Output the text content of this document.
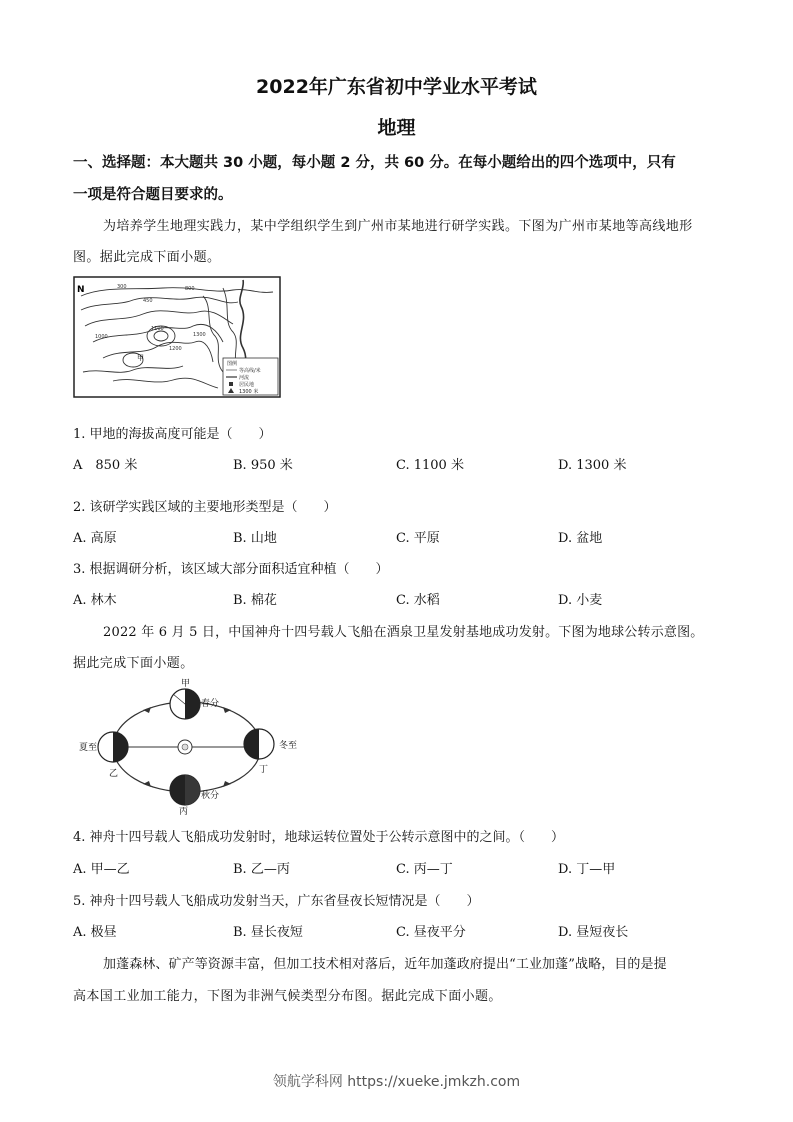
2022年广东省初中学业水平考试
地理
一、选择题：本大题共 30 小题，每小题 2 分，共 60 分。在每小题给出的四个选项中，只有
一项是符合题目要求的。
为培养学生地理实践力，某中学组织学生到广州市某地进行研学实践。下图为广州市某地等高线地形
图。据此完成下面小题。
N
甲
300
450
800
1000
1100
1200
1300
图例
等高线/米
河流
居民地
1300 米
1. 甲地的海拔高度可能是（　　）
A　850 米	B. 950 米	C. 1100 米	D. 1300 米
2. 该研学实践区域的主要地形类型是（　　）
A. 高原	B. 山地	C. 平原	D. 盆地
3. 根据调研分析，该区域大部分面积适宜种植（　　）
A. 林木	B. 棉花	C. 水稻	D. 小麦
2022 年 6 月 5 日，中国神舟十四号载人飞船在酒泉卫星发射基地成功发射。下图为地球公转示意图。
据此完成下面小题。
甲
春分
夏至
乙
冬至
丁
秋分
丙
4. 神舟十四号载人飞船成功发射时，地球运转位置处于公转示意图中的之间。（　　）
A. 甲—乙	B. 乙—丙	C. 丙—丁	D. 丁—甲
5. 神舟十四号载人飞船成功发射当天，广东省昼夜长短情况是（　　）
A. 极昼	B. 昼长夜短	C. 昼夜平分	D. 昼短夜长
加蓬森林、矿产等资源丰富，但加工技术相对落后，近年加蓬政府提出“工业加蓬”战略，目的是提
高本国工业加工能力，下图为非洲气候类型分布图。据此完成下面小题。
领航学科网 https://xueke.jmkzh.com
